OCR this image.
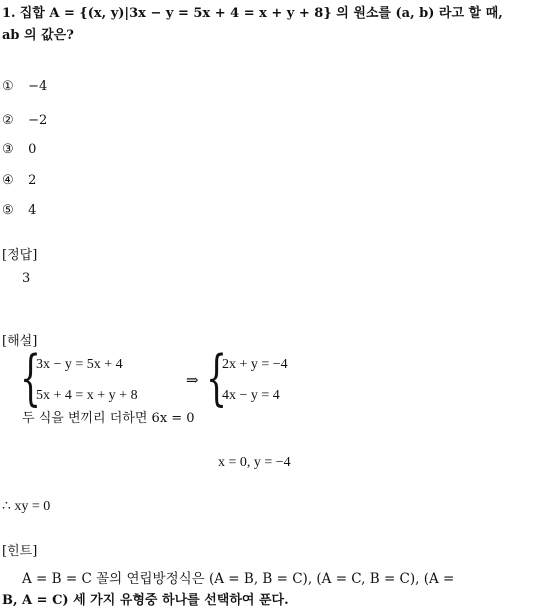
1. 집합 A = {(x, y)|3x − y = 5x + 4 = x + y + 8} 의 원소를 (a, b) 라고 할 때,
ab 의 값은?
① −4
② −2
③ 0
④ 2
⑤ 4
[정답]
3
[해설]
{
3x − y = 5x + 4
5x + 4 = x + y + 8
⇒ {
2x + y = −4
4x − y = 4
두 식을 변끼리 더하면 6x = 0
x = 0, y = −4
∴ xy = 0
[힌트]
A = B = C 꼴의 연립방정식은 (A = B, B = C), (A = C, B = C), (A =
B, A = C) 세 가지 유형중 하나를 선택하여 푼다.
